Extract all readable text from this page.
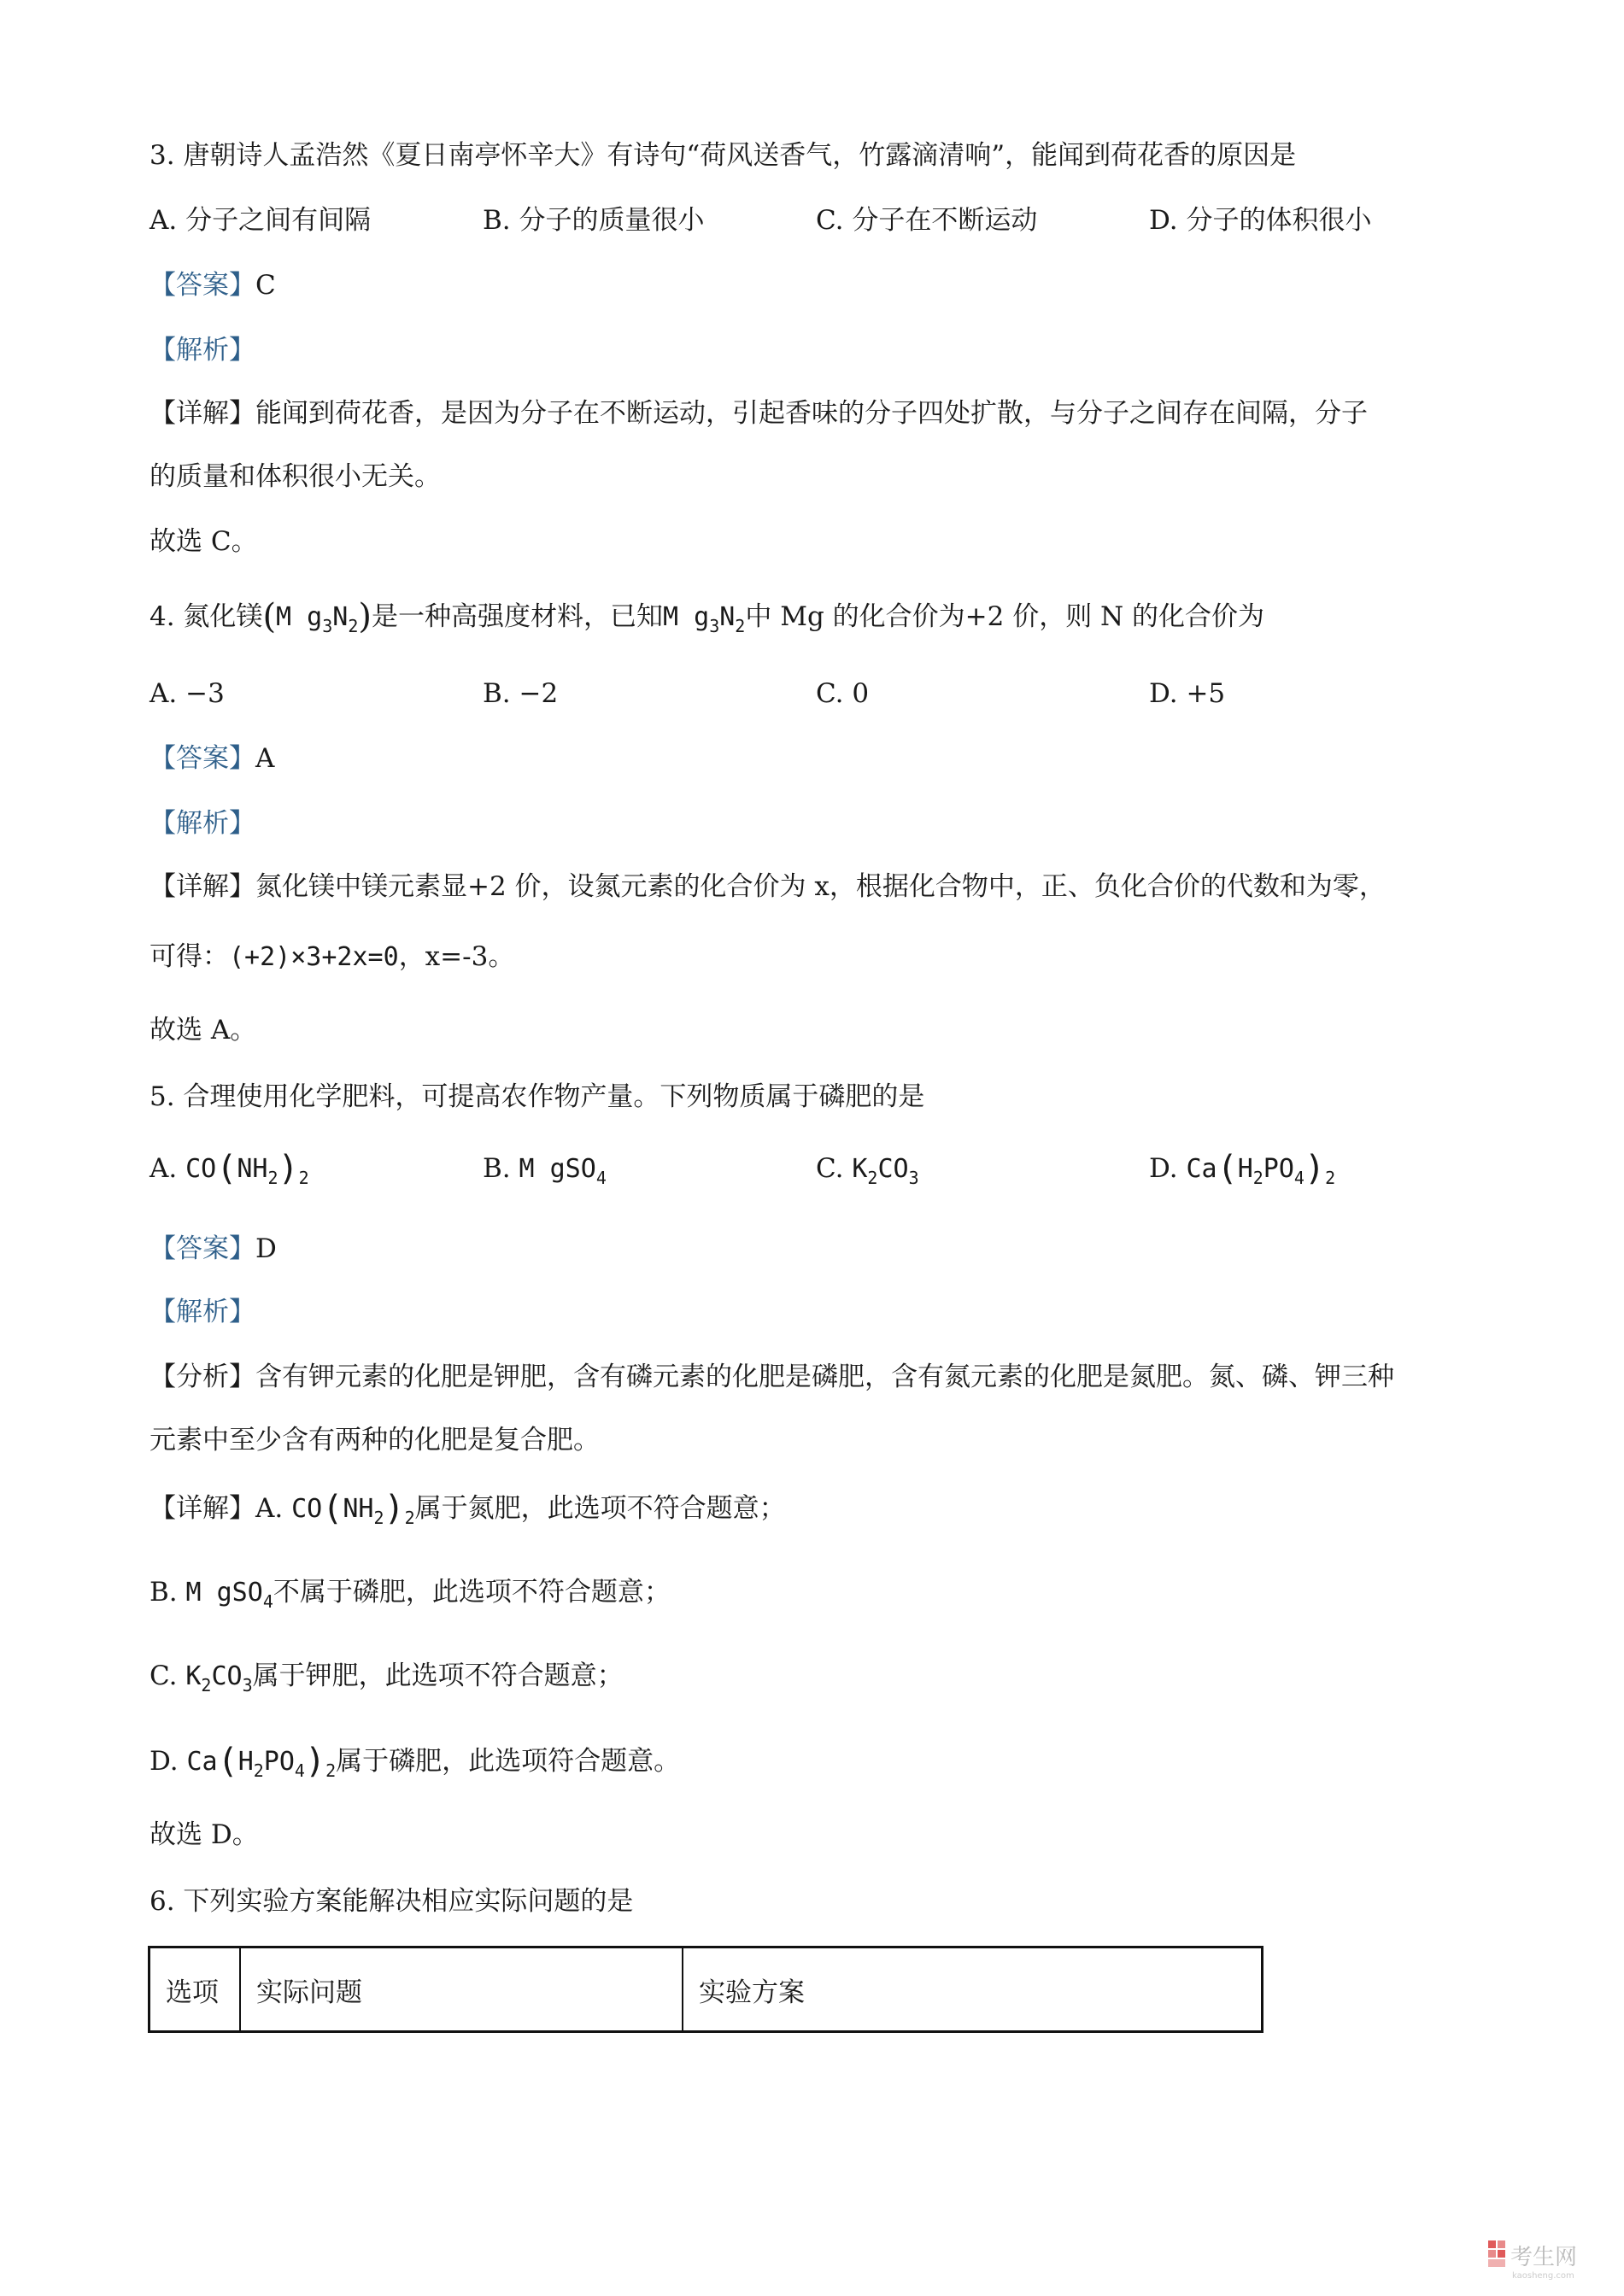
3. 唐朝诗人孟浩然《夏日南亭怀辛大》有诗句“荷风送香气，竹露滴清响”，能闻到荷花香的原因是
A. 分子之间有间隔	B. 分子的质量很小	C. 分子在不断运动	D. 分子的体积很小
【答案】C
【解析】
【详解】能闻到荷花香，是因为分子在不断运动，引起香味的分子四处扩散，与分子之间存在间隔，分子
的质量和体积很小无关。
故选 C。
4. 氮化镁(M $g_3N_2$)是一种高强度材料，已知M $g_3N_2$中 Mg 的化合价为+2 价，则 N 的化合价为
A. −3	B. −2	C. 0	D. +5
【答案】A
【解析】
【详解】氮化镁中镁元素显+2 价，设氮元素的化合价为 x，根据化合物中，正、负化合价的代数和为零，
可得：(+2)×3+2x=0，x=-3。
故选 A。
5. 合理使用化学肥料，可提高农作物产量。下列物质属于磷肥的是
A. $CO(NH_2)_2$	B. M gSO$_4$	C. $K_2CO_3$	D. $Ca(H_2PO_4)_2$
【答案】D
【解析】
【分析】含有钾元素的化肥是钾肥，含有磷元素的化肥是磷肥，含有氮元素的化肥是氮肥。氮、磷、钾三种
元素中至少含有两种的化肥是复合肥。
【详解】A. $CO(NH_2)_2$属于氮肥，此选项不符合题意；
B. M gSO$_4$不属于磷肥，此选项不符合题意；
C. $K_2CO_3$属于钾肥，此选项不符合题意；
D. $Ca(H_2PO_4)_2$属于磷肥，此选项符合题意。
故选 D。
6. 下列实验方案能解决相应实际问题的是
选项	实际问题	实验方案
考生网
kaosheng.com
